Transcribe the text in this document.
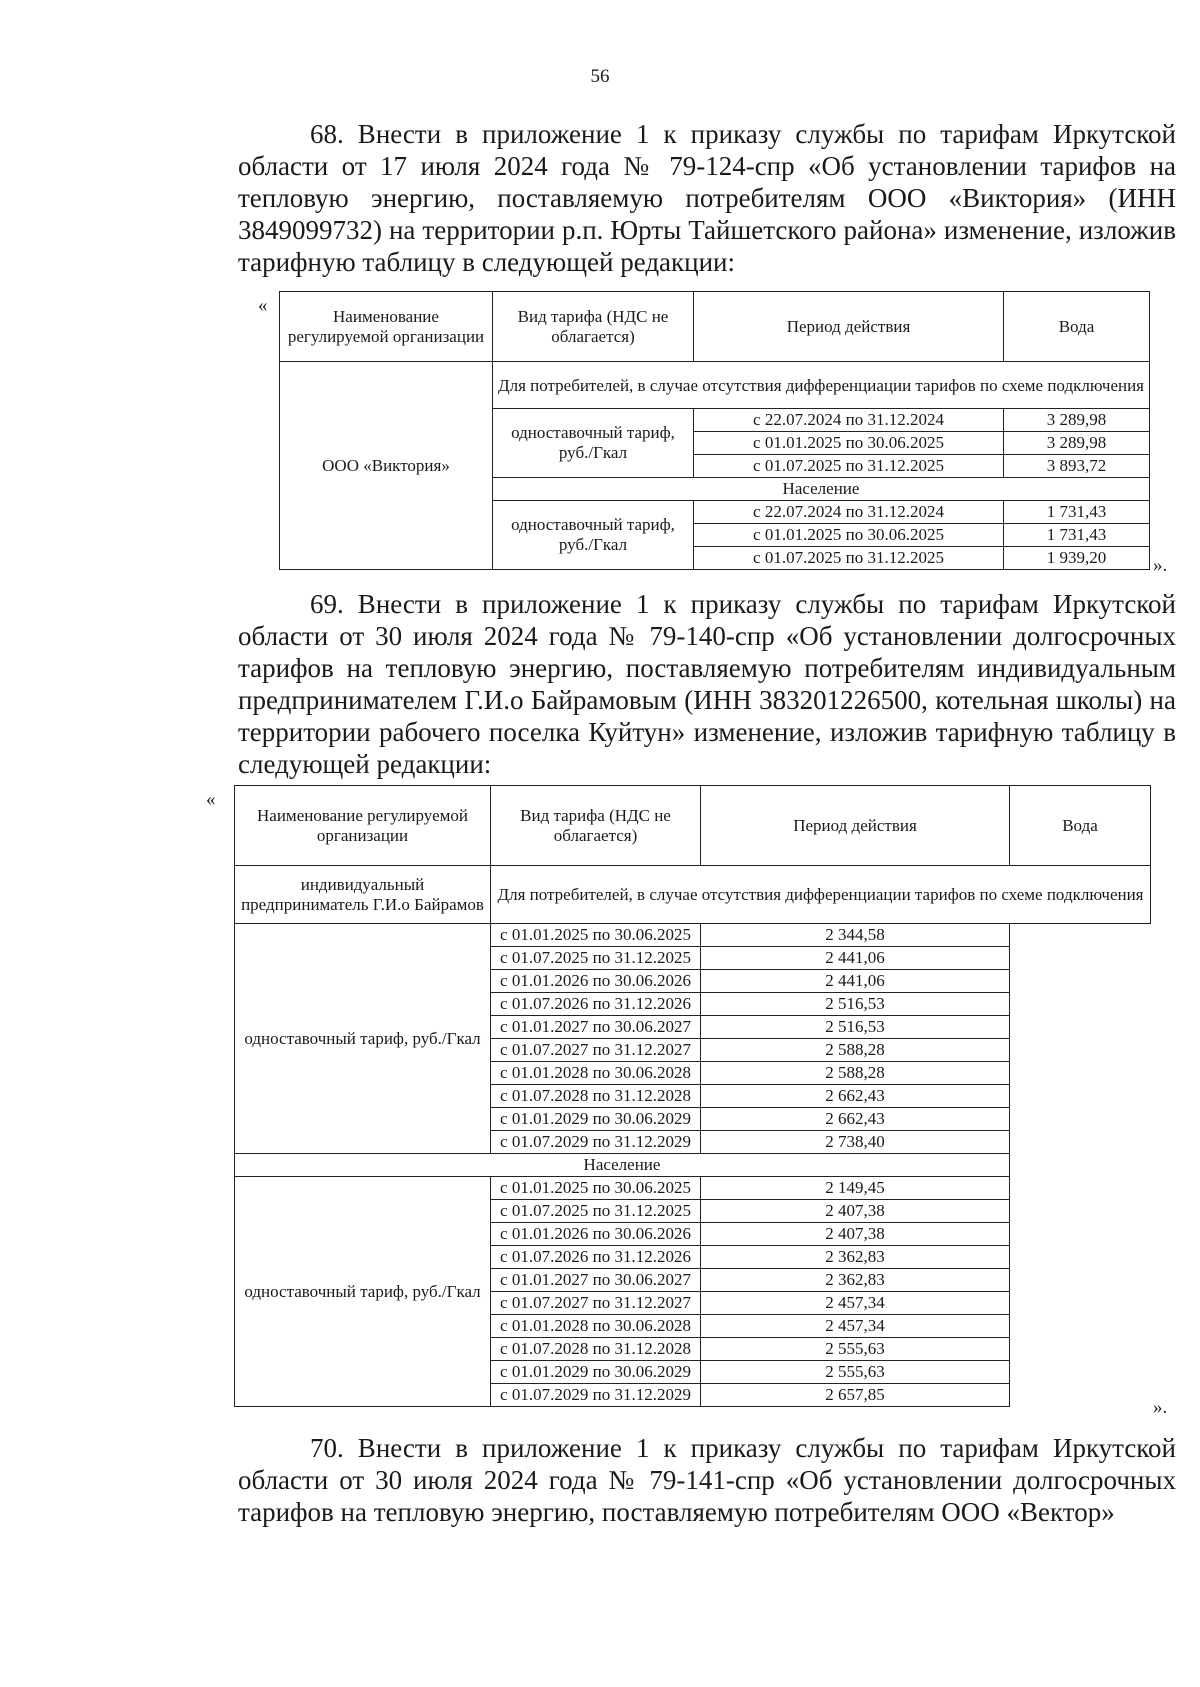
56
68. Внести в приложение 1 к приказу службы по тарифам Иркутской области от 17 июля 2024 года № 79-124-спр «Об установлении тарифов на тепловую энергию, поставляемую потребителям ООО «Виктория» (ИНН 3849099732) на территории р.п. Юрты Тайшетского района» изменение, изложив тарифную таблицу в следующей редакции:
«	Наименование регулируемой организации	Вид тарифа (НДС не облагается)	Период действия	Вода
ООО «Виктория»	Для потребителей, в случае отсутствия дифференциации тарифов по схеме подключения		
	одноставочный тариф, руб./Гкал	с 22.07.2024 по 31.12.2024	3 289,98
		с 01.01.2025 по 30.06.2025	3 289,98
		с 01.07.2025 по 31.12.2025	3 893,72
	Население		
	одноставочный тариф, руб./Гкал	с 22.07.2024 по 31.12.2024	1 731,43
		с 01.01.2025 по 30.06.2025	1 731,43
		с 01.07.2025 по 31.12.2025	1 939,20 ».
69. Внести в приложение 1 к приказу службы по тарифам Иркутской области от 30 июля 2024 года № 79-140-спр «Об установлении долгосрочных тарифов на тепловую энергию, поставляемую потребителям индивидуальным предпринимателем Г.И.о Байрамовым (ИНН 383201226500, котельная школы) на территории рабочего поселка Куйтун» изменение, изложив тарифную таблицу в следующей редакции:
«
Наименование регулируемой организации	Вид тарифа (НДС не облагается)	Период действия	Вода
индивидуальный предприниматель Г.И.о Байрамов	Для потребителей, в случае отсутствия дифференциации тарифов по схеме подключения		
одноставочный тариф, руб./Гкал	с 01.01.2025 по 30.06.2025	2 344,58	
	с 01.07.2025 по 31.12.2025	2 441,06	
	с 01.01.2026 по 30.06.2026	2 441,06	
	с 01.07.2026 по 31.12.2026	2 516,53	
	с 01.01.2027 по 30.06.2027	2 516,53	
	с 01.07.2027 по 31.12.2027	2 588,28	
	с 01.01.2028 по 30.06.2028	2 588,28	
	с 01.07.2028 по 31.12.2028	2 662,43	
	с 01.01.2029 по 30.06.2029	2 662,43	
	с 01.07.2029 по 31.12.2029	2 738,40	
Население			
одноставочный тариф, руб./Гкал	с 01.01.2025 по 30.06.2025	2 149,45	
	с 01.07.2025 по 31.12.2025	2 407,38	
	с 01.01.2026 по 30.06.2026	2 407,38	
	с 01.07.2026 по 31.12.2026	2 362,83	
	с 01.01.2027 по 30.06.2027	2 362,83	
	с 01.07.2027 по 31.12.2027	2 457,34	
	с 01.01.2028 по 30.06.2028	2 457,34	
	с 01.07.2028 по 31.12.2028	2 555,63	
	с 01.01.2029 по 30.06.2029	2 555,63	
	с 01.07.2029 по 31.12.2029	2 657,85	
».
70. Внести в приложение 1 к приказу службы по тарифам Иркутской области от 30 июля 2024 года № 79-141-спр «Об установлении долгосрочных тарифов на тепловую энергию, поставляемую потребителям ООО «Вектор»
